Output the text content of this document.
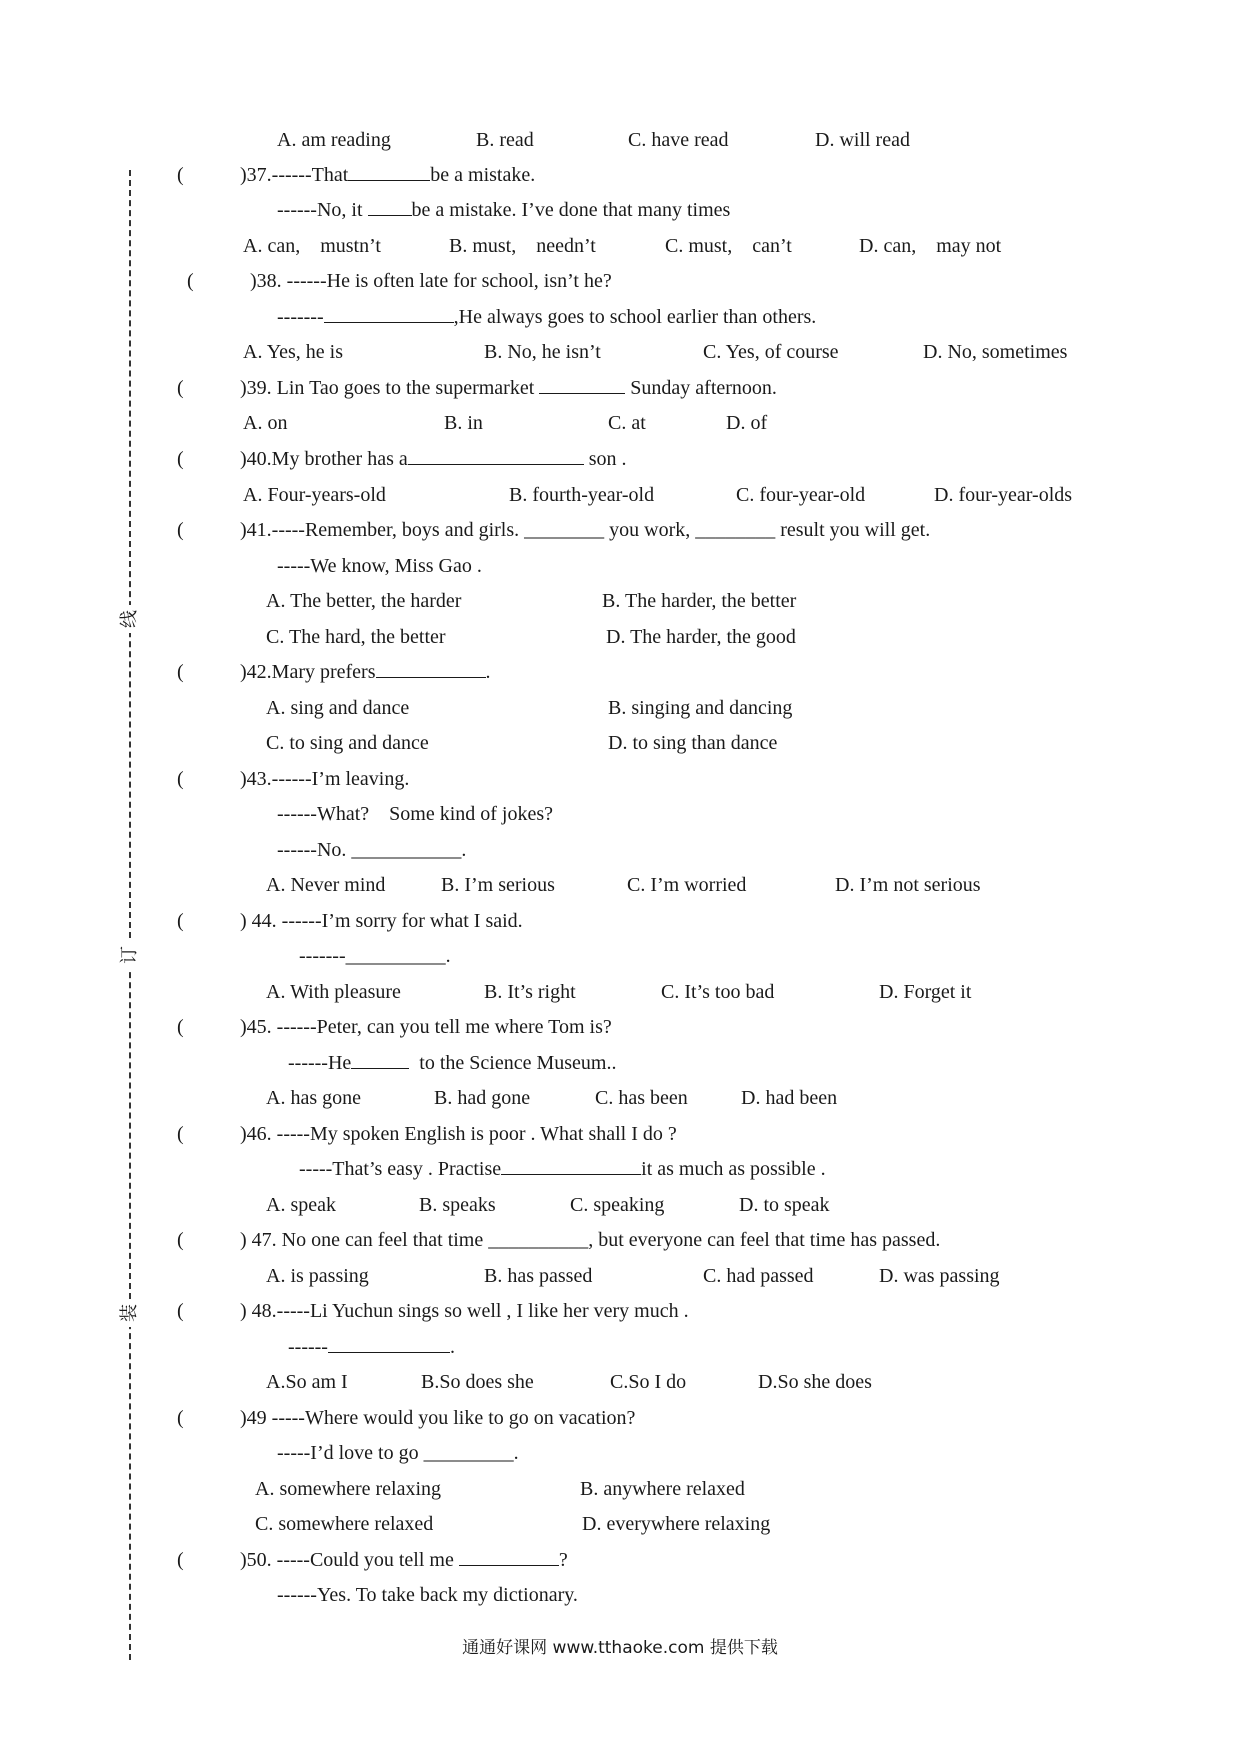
线
订
装
A. am reading	B. read	C. have read	D. will read
(	)37.------That	be a mistake.
------No, it be a mistake. I’ve done that many times
A. can,    mustn’t	B. must,    needn’t	C. must,    can’t	D. can,    may not
(	)38. ------He is often late for school, isn’t he?
-------	,He always goes to school earlier than others.
A. Yes, he is	B. No, he isn’t	C. Yes, of course	D. No, sometimes
(	)39. Lin Tao goes to the supermarket	Sunday afternoon.
A. on	B. in	C. at	D. of
(	)40.My brother has a	son .
A. Four-years-old	B. fourth-year-old	C. four-year-old	D. four-year-olds
(	)41.-----Remember, boys and girls. ________ you work, ________ result you will get.
-----We know, Miss Gao .
A. The better, the harder	B. The harder, the better
C. The hard, the better	D. The harder, the good
(	)42.Mary prefers	.
A. sing and dance	B. singing and dancing
C. to sing and dance	D. to sing than dance
(	)43.------I’m leaving.
------What?    Some kind of jokes?
------No. ___________.
A. Never mind	B. I’m serious	C. I’m worried	D. I’m not serious
(	) 44. ------I’m sorry for what I said.
-------__________.
A. With pleasure	B. It’s right	C. It’s too bad	D. Forget it
(	)45. ------Peter, can you tell me where Tom is?
------He	to the Science Museum..
A. has gone	B. had gone	C. has been	D. had been
(	)46. -----My spoken English is poor . What shall I do ?
-----That’s easy . Practise	it as much as possible .
A. speak	B. speaks	C. speaking	D. to speak
(	) 47. No one can feel that time __________, but everyone can feel that time has passed.
A. is passing	B. has passed	C. had passed	D. was passing
(	) 48.-----Li Yuchun sings so well , I like her very much .
------	.
A.So am I	B.So does she	C.So I do	D.So she does
(	)49 -----Where would you like to go on vacation?
-----I’d love to go _________.
A. somewhere relaxing	B. anywhere relaxed
C. somewhere relaxed	D. everywhere relaxing
(	)50. -----Could you tell me	?
------Yes. To take back my dictionary.
通通好课网 www.tthaoke.com 提供下载
